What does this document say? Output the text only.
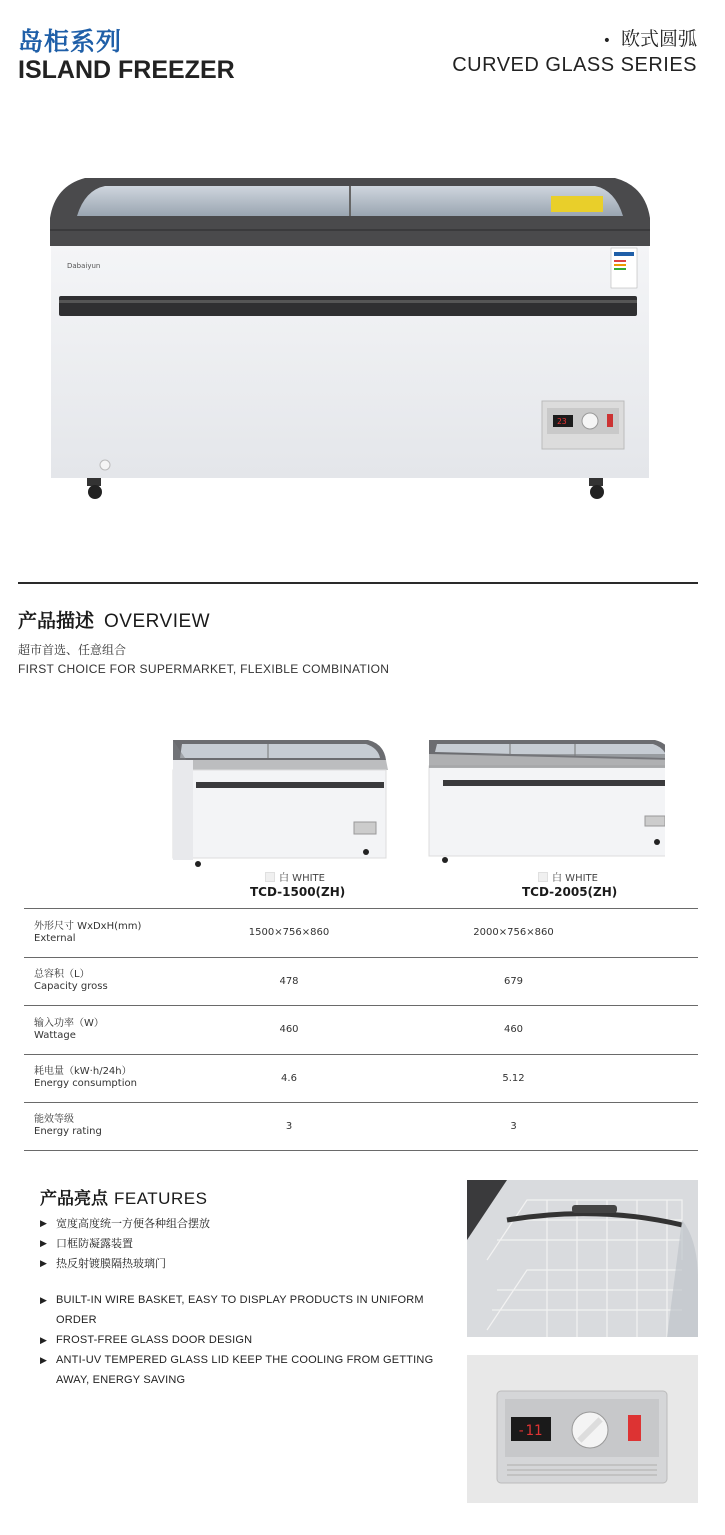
岛柜系列
ISLAND FREEZER
• 欧式圆弧
CURVED GLASS SERIES
Dabaiyun
23
产品描述 OVERVIEW
超市首选、任意组合
FIRST CHOICE FOR SUPERMARKET, FLEXIBLE COMBINATION
白 WHITE	白 WHITE
TCD-1500(ZH)	TCD-2005(ZH)
外形尺寸 WxDxH(mm)
External	1500×756×860	2000×756×860
总容积（L）
Capacity gross	478	679
输入功率（W）
Wattage	460	460
耗电量（kW·h/24h）
Energy consumption	4.6	5.12
能效等级
Energy rating	3	3
产品亮点 FEATURES
▶ 宽度高度统一方便各种组合摆放
▶ 口框防凝露装置
▶ 热反射镀膜隔热玻璃门
▶ BUILT-IN WIRE BASKET, EASY TO DISPLAY PRODUCTS IN UNIFORM ORDER
▶ FROST-FREE GLASS DOOR DESIGN
▶ ANTI-UV TEMPERED GLASS LID KEEP THE COOLING FROM GETTING AWAY, ENERGY SAVING
-11
